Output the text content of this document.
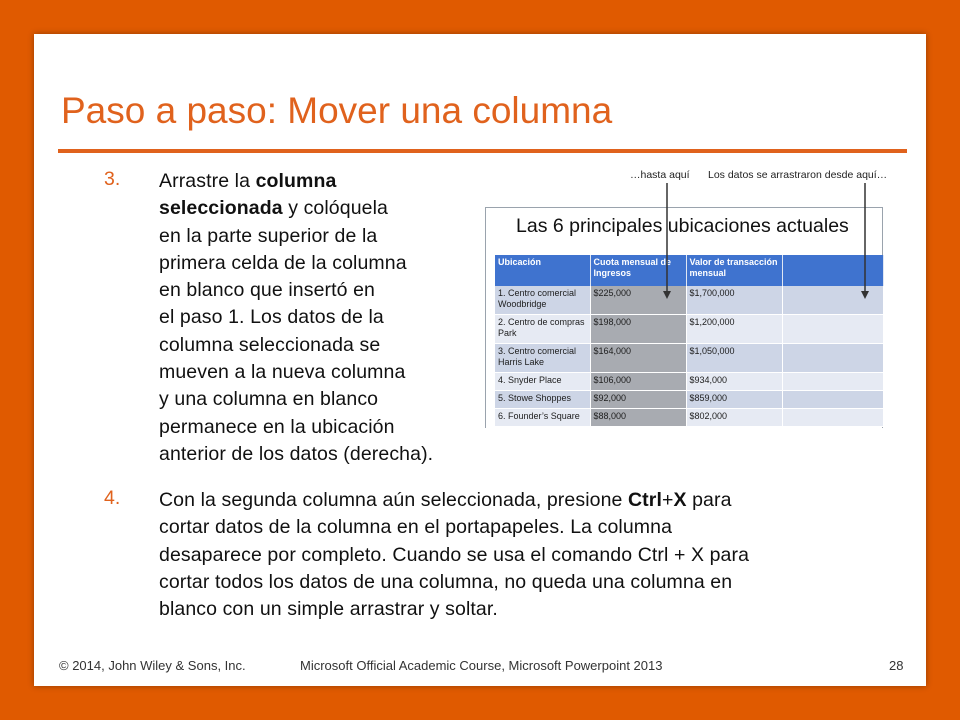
Paso a paso: Mover una columna
3. Arrastre la columna
seleccionada y colóquela
en la parte superior de la
primera celda de la columna
en blanco que insertó en
el paso 1. Los datos de la
columna seleccionada se
mueven a la nueva columna
y una columna en blanco
permanece en la ubicación
anterior de los datos (derecha).
…hasta aquí Los datos se arrastraron desde aquí…
Las 6 principales ubicaciones actuales
Ubicación	Cuota mensual de Ingresos	Valor de transacción mensual	
1. Centro comercial Woodbridge	$225,000	$1,700,000	
2. Centro de compras Park	$198,000	$1,200,000	
3. Centro comercial Harris Lake	$164,000	$1,050,000	
4. Snyder Place	$106,000	$934,000	
5. Stowe Shoppes	$92,000	$859,000	
6. Founder’s Square	$88,000	$802,000	
4. Con la segunda columna aún seleccionada, presione Ctrl+X para
cortar datos de la columna en el portapapeles. La columna
desaparece por completo. Cuando se usa el comando Ctrl + X para
cortar todos los datos de una columna, no queda una columna en
blanco con un simple arrastrar y soltar.
© 2014, John Wiley & Sons, Inc.	Microsoft Official Academic Course, Microsoft Powerpoint 2013	28
